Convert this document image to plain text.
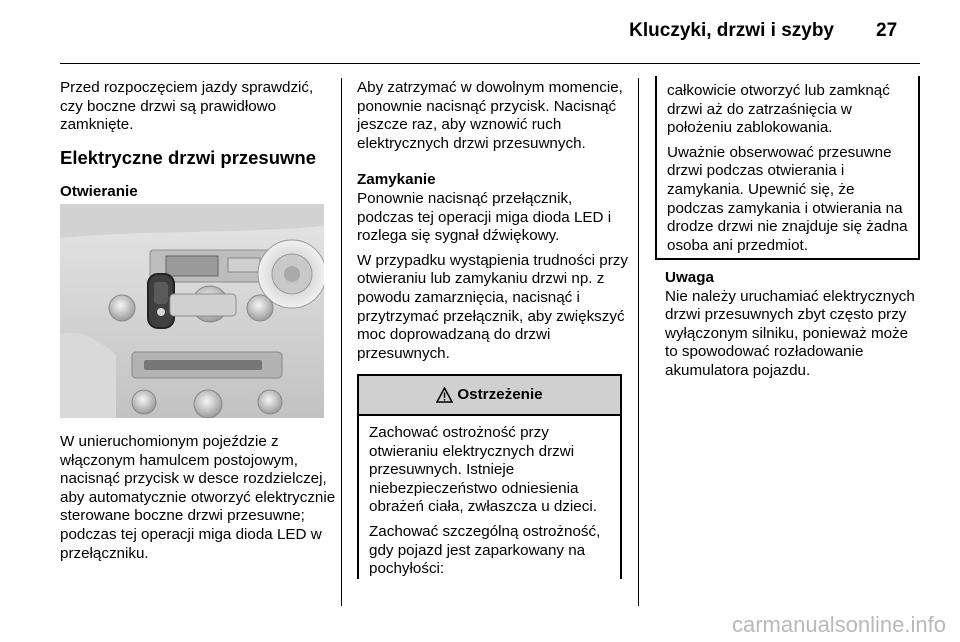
Kluczyki, drzwi i szyby 27

Przed rozpoczęciem jazdy sprawdzić, czy boczne drzwi są prawidłowo zamknięte.

Elektryczne drzwi przesuwne

Otwieranie

W unieruchomionym pojeździe z włączonym hamulcem postojowym, nacisnąć przycisk w desce rozdzielczej, aby automatycznie otworzyć elektrycznie sterowane boczne drzwi przesuwne; podczas tej operacji miga dioda LED w przełączniku.

Aby zatrzymać w dowolnym momencie, ponownie nacisnąć przycisk. Nacisnąć jeszcze raz, aby wznowić ruch elektrycznych drzwi przesuwnych.

Zamykanie
Ponownie nacisnąć przełącznik, podczas tej operacji miga dioda LED i rozlega się sygnał dźwiękowy.

W przypadku wystąpienia trudności przy otwieraniu lub zamykaniu drzwi np. z powodu zamarznięcia, nacisnąć i przytrzymać przełącznik, aby zwiększyć moc doprowadzaną do drzwi przesuwnych.

Ostrzeżenie

Zachować ostrożność przy otwieraniu elektrycznych drzwi przesuwnych. Istnieje niebezpieczeństwo odniesienia obrażeń ciała, zwłaszcza u dzieci.

Zachować szczególną ostrożność, gdy pojazd jest zaparkowany na pochyłości:

całkowicie otworzyć lub zamknąć drzwi aż do zatrzaśnięcia w położeniu zablokowania.

Uważnie obserwować przesuwne drzwi podczas otwierania i zamykania. Upewnić się, że podczas zamykania i otwierania na drodze drzwi nie znajduje się żadna osoba ani przedmiot.

Uwaga
Nie należy uruchamiać elektrycznych drzwi przesuwnych zbyt często przy wyłączonym silniku, ponieważ może to spowodować rozładowanie akumulatora pojazdu.

carmanualsonline.info
